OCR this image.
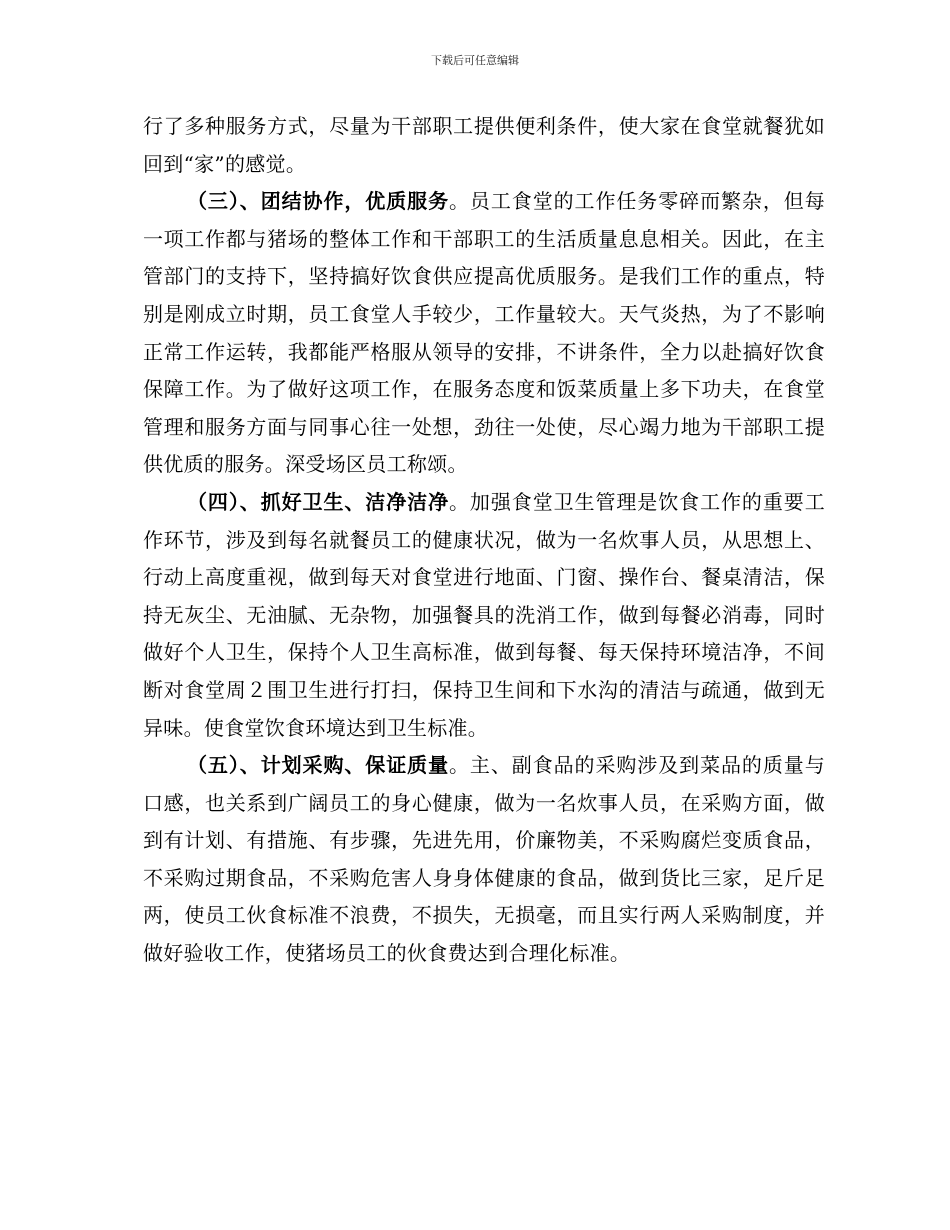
下载后可任意编辑

行了多种服务方式，尽量为干部职工提供便利条件，使大家在食堂就餐犹如回到“家”的感觉。

（三）、团结协作，优质服务。员工食堂的工作任务零碎而繁杂，但每一项工作都与猪场的整体工作和干部职工的生活质量息息相关。因此，在主管部门的支持下，坚持搞好饮食供应提高优质服务。是我们工作的重点，特别是刚成立时期，员工食堂人手较少，工作量较大。天气炎热，为了不影响正常工作运转，我都能严格服从领导的安排，不讲条件，全力以赴搞好饮食保障工作。为了做好这项工作，在服务态度和饭菜质量上多下功夫，在食堂管理和服务方面与同事心往一处想，劲往一处使，尽心竭力地为干部职工提供优质的服务。深受场区员工称颂。

（四）、抓好卫生、洁净洁净。加强食堂卫生管理是饮食工作的重要工作环节，涉及到每名就餐员工的健康状况，做为一名炊事人员，从思想上、行动上高度重视，做到每天对食堂进行地面、门窗、操作台、餐桌清洁，保持无灰尘、无油腻、无杂物，加强餐具的洗消工作，做到每餐必消毒，同时做好个人卫生，保持个人卫生高标准，做到每餐、每天保持环境洁净，不间断对食堂周２围卫生进行打扫，保持卫生间和下水沟的清洁与疏通，做到无异味。使食堂饮食环境达到卫生标准。

（五）、计划采购、保证质量。主、副食品的采购涉及到菜品的质量与口感，也关系到广阔员工的身心健康，做为一名炊事人员，在采购方面，做到有计划、有措施、有步骤，先进先用，价廉物美，不采购腐烂变质食品，不采购过期食品，不采购危害人身身体健康的食品，做到货比三家，足斤足两，使员工伙食标准不浪费，不损失，无损毫，而且实行两人采购制度，并做好验收工作，使猪场员工的伙食费达到合理化标准。
